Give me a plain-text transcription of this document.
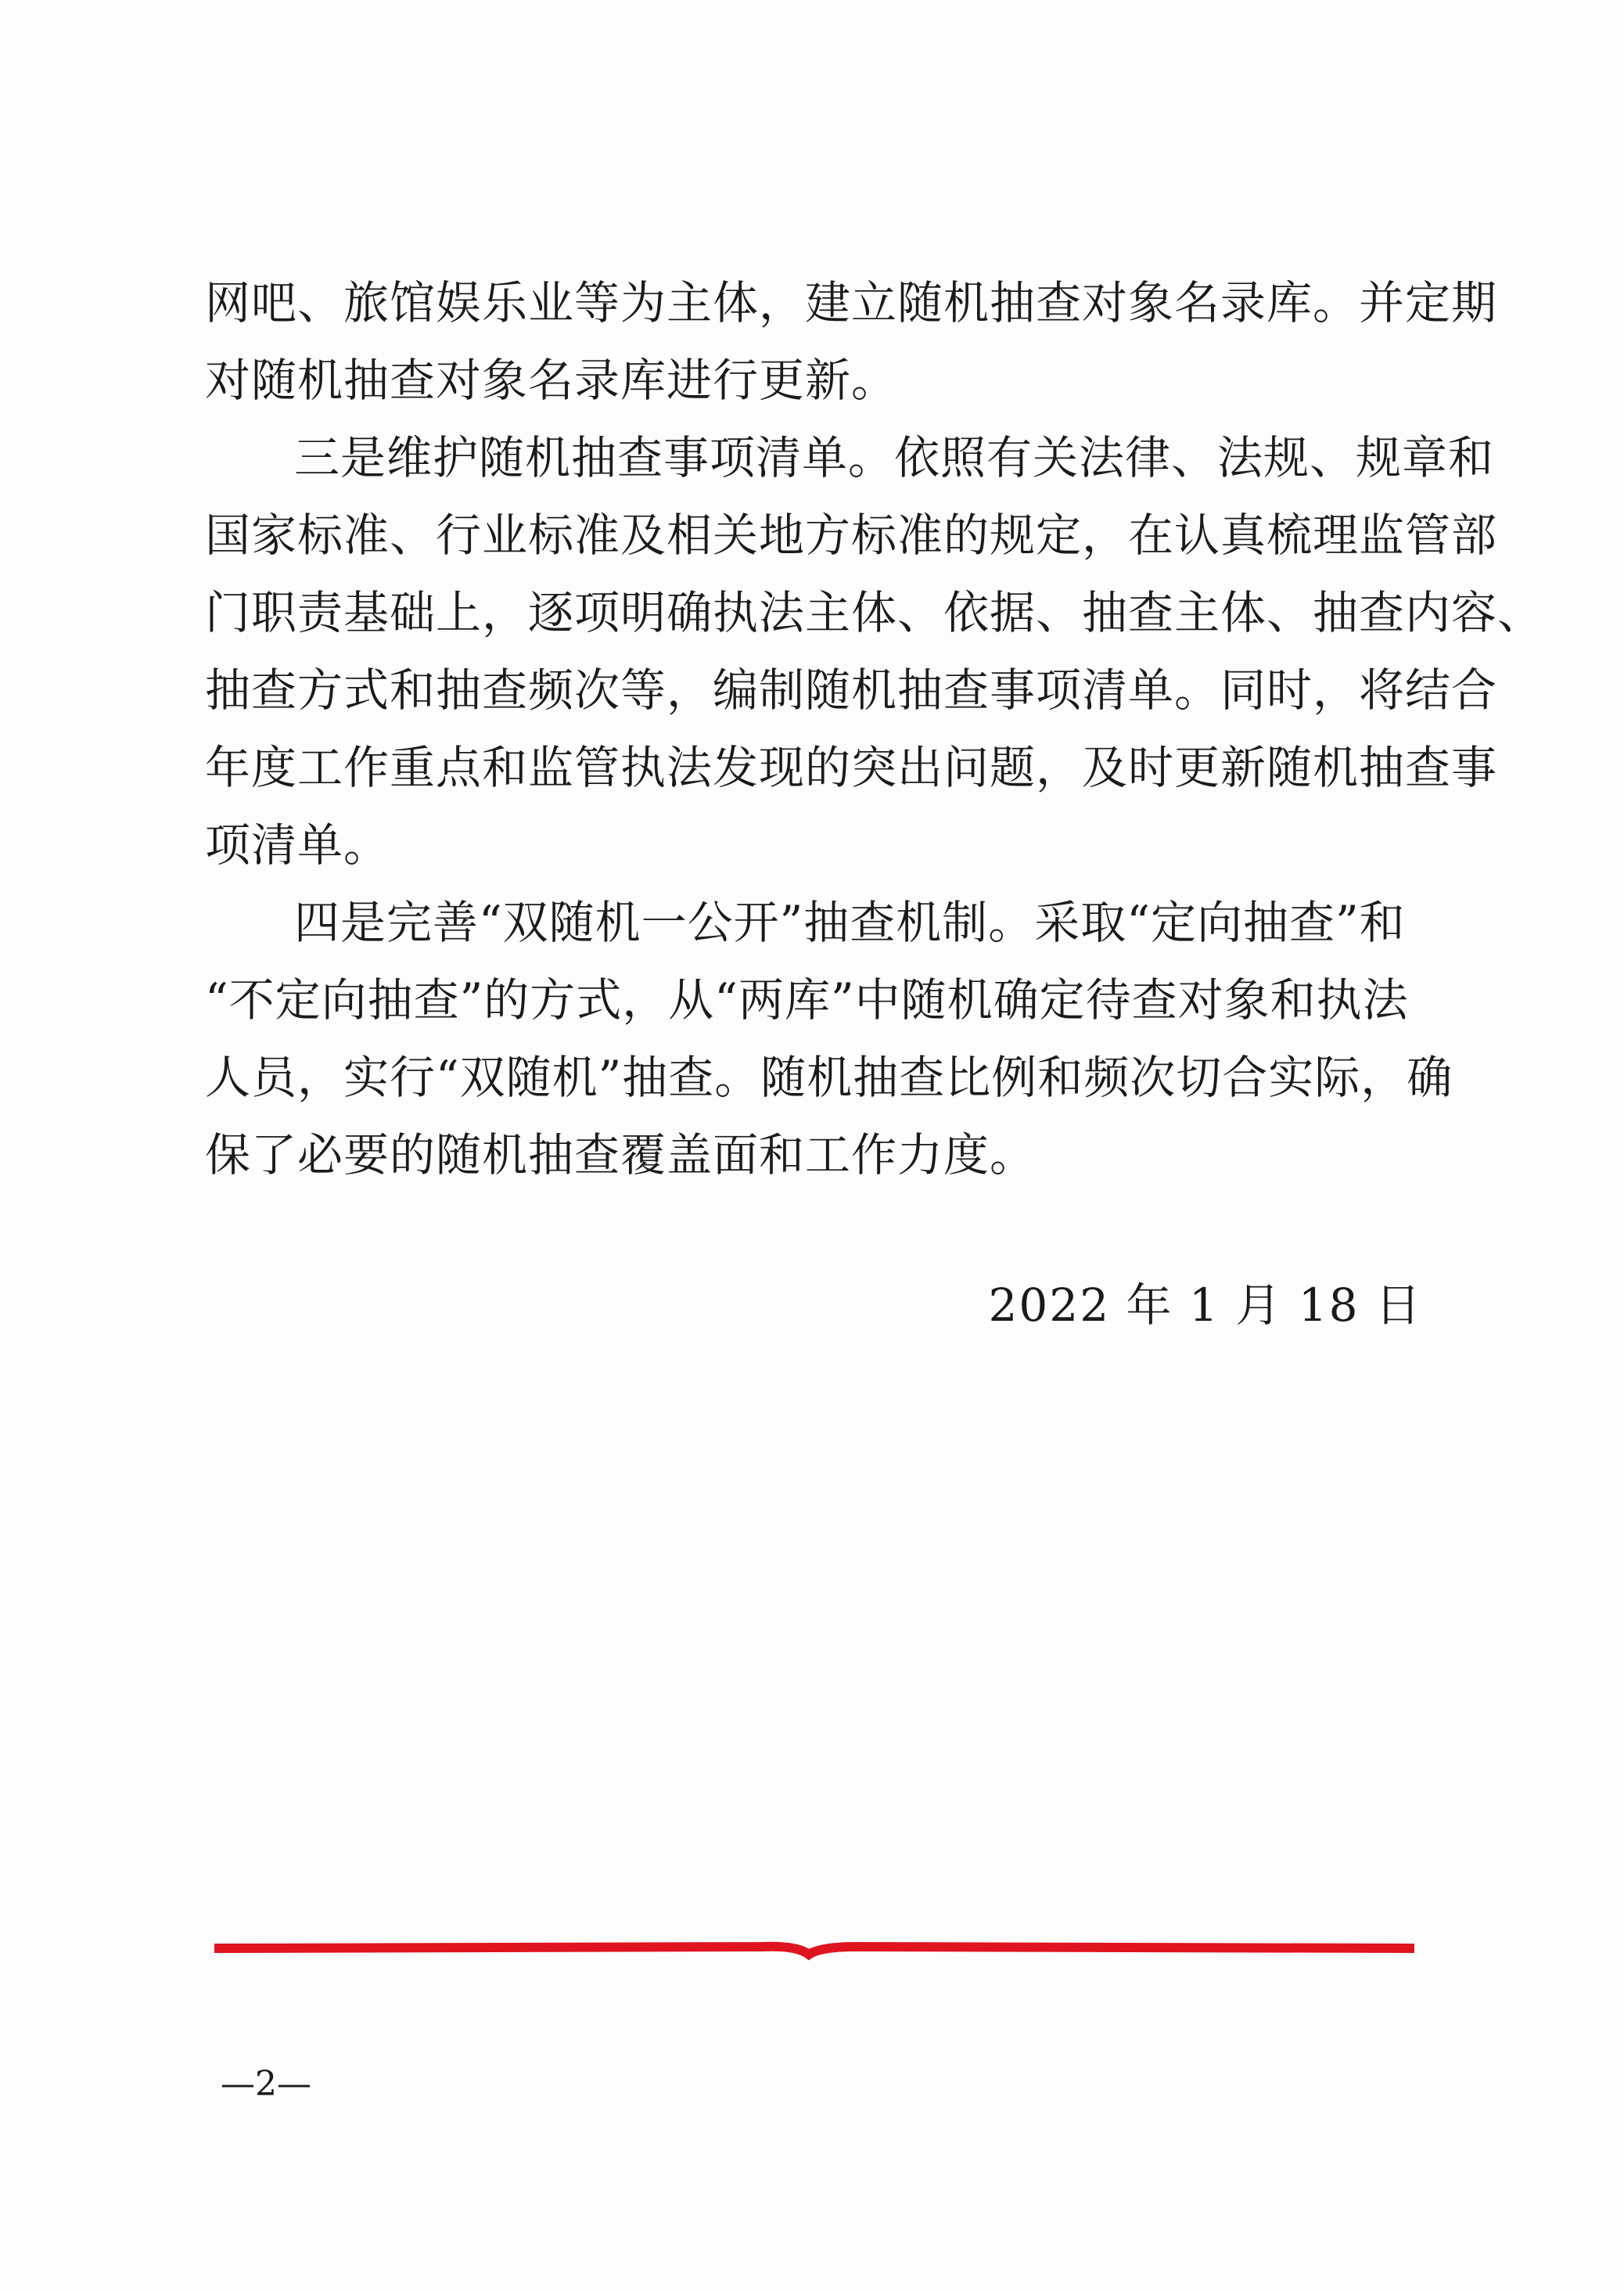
网吧、旅馆娱乐业等为主体，建立随机抽查对象名录库。并定期
对随机抽查对象名录库进行更新。
三是维护随机抽查事项清单。依照有关法律、法规、规章和
国家标准、行业标准及相关地方标准的规定，在认真梳理监管部
门职责基础上，逐项明确执法主体、依据、抽查主体、抽查内容、
抽查方式和抽查频次等，编制随机抽查事项清单。同时，将结合
年度工作重点和监管执法发现的突出问题，及时更新随机抽查事
项清单。
四是完善“双随机一公开”抽查机制。采取“定向抽查”和
“不定向抽查”的方式，从“两库”中随机确定待查对象和执法
人员，实行“双随机”抽查。随机抽查比例和频次切合实际，确
保了必要的随机抽查覆盖面和工作力度。
2022 年 1 月 18 日
—2—
